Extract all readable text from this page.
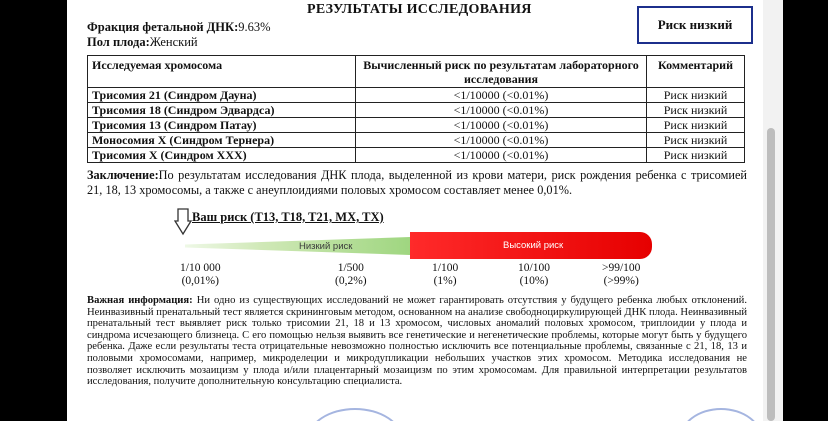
РЕЗУЛЬТАТЫ ИССЛЕДОВАНИЯ
Фракция фетальной ДНК:9.63%
Пол плода:Женский
Риск низкий
Исследуемая хромосома	Вычисленный риск по результатам лабораторного исследования	Комментарий
Трисомия 21 (Синдром Дауна)	<1/10000 (<0.01%)	Риск низкий
Трисомия 18 (Синдром Эдвардса)	<1/10000 (<0.01%)	Риск низкий
Трисомия 13 (Синдром Патау)	<1/10000 (<0.01%)	Риск низкий
Моносомия X (Синдром Тернера)	<1/10000 (<0.01%)	Риск низкий
Трисомия X (Синдром XXX)	<1/10000 (<0.01%)	Риск низкий
Заключение:По результатам исследования ДНК плода, выделенной из крови матери, риск рождения ребенка с трисомией 21, 18, 13 хромосомы, а также с анеуплоидиями половых хромосом составляет менее 0,01%.
Ваш риск (T13, T18, T21, MX, TX)
Низкий риск	Высокий риск
1/10 000
(0,01%)
1/500
(0,2%)
1/100
(1%)
10/100
(10%)
>99/100
(>99%)
Важная информация: Ни одно из существующих исследований не может гарантировать отсутствия у будущего ребенка любых отклонений. Неинвазивный пренатальный тест является скрининговым методом, основанном на анализе свободноциркулирующей ДНК плода. Неинвазивный пренатальный тест выявляет риск только трисомии 21, 18 и 13 хромосом, числовых аномалий половых хромосом, триплоидии у плода и синдрома исчезающего близнеца. С его помощью нельзя выявить все генетические и негенетические проблемы, которые могут быть у будущего ребенка. Даже если результаты теста отрицательные невозможно полностью исключить все потенциальные проблемы, связанные с 21, 18, 13 и половыми хромосомами, например, микроделеции и микродупликации небольших участков этих хромосом. Методика исследования не позволяет исключить мозаицизм у плода и/или плацентарный мозаицизм по этим хромосомам. Для правильной интерпретации результатов исследования, получите дополнительную консультацию специалиста.
